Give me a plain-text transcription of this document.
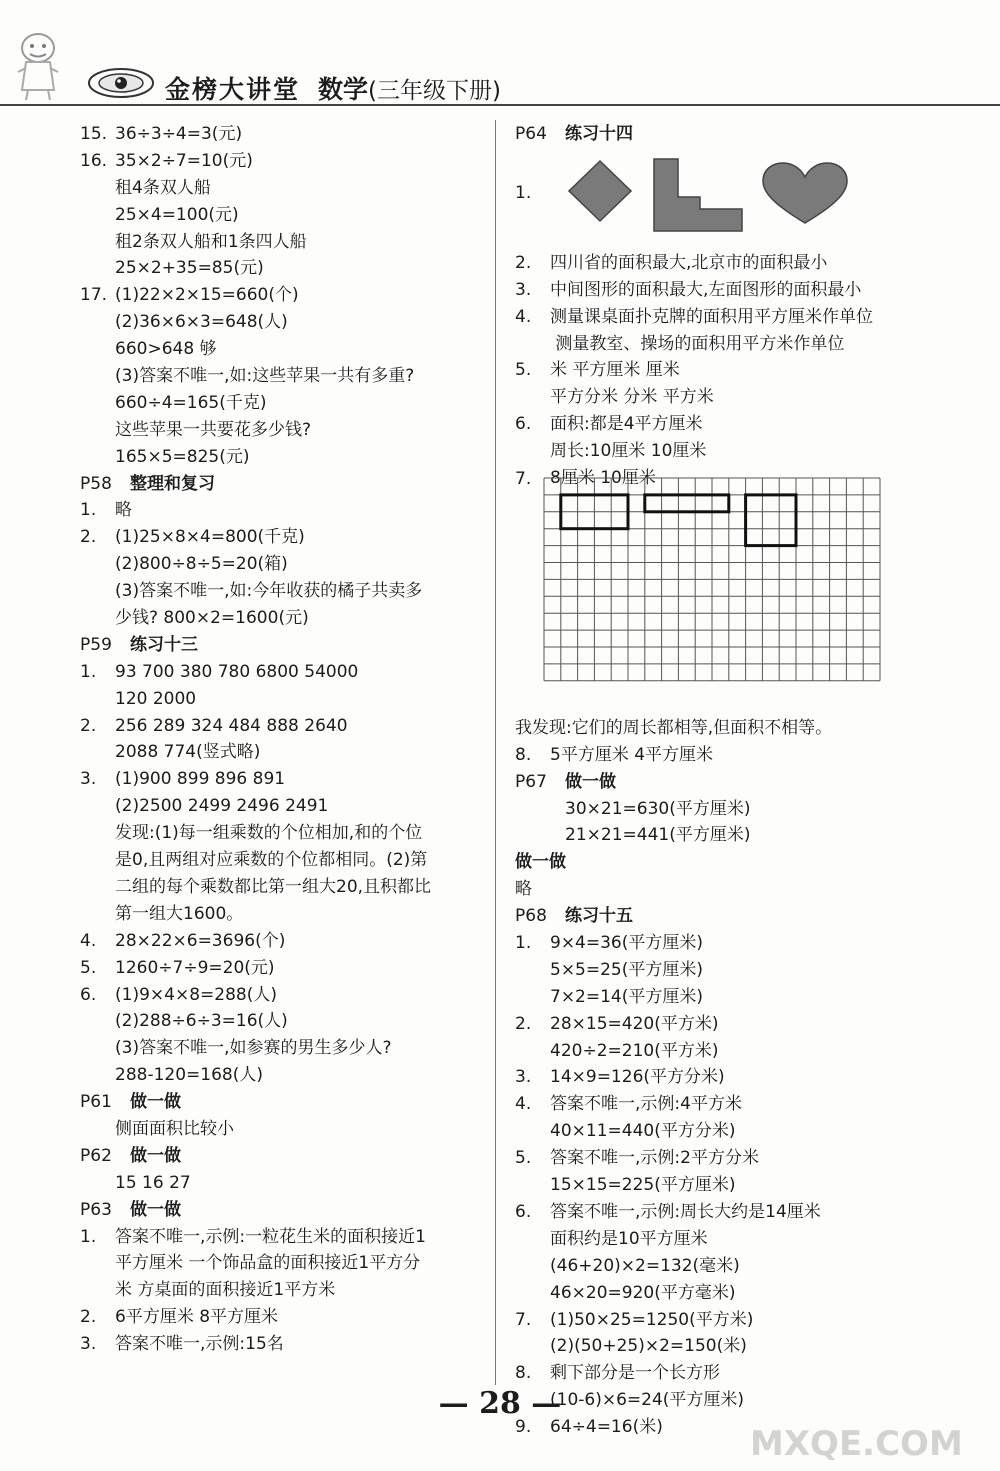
金榜大讲堂 数学(三年级下册)
15. 36÷3÷4=3(元)
16. 35×2÷7=10(元)
租4条双人船
25×4=100(元)
租2条双人船和1条四人船
25×2+35=85(元)
17. (1)22×2×15=660(个)
(2)36×6×3=648(人)
660>648 够
(3)答案不唯一,如:这些苹果一共有多重?
660÷4=165(千克)
这些苹果一共要花多少钱?
165×5=825(元)
P58 整理和复习
1. 略
2. (1)25×8×4=800(千克)
(2)800÷8÷5=20(箱)
(3)答案不唯一,如:今年收获的橘子共卖多
少钱? 800×2=1600(元)
P59 练习十三
1. 93 700 380 780 6800 54000
120 2000
2. 256 289 324 484 888 2640
2088 774(竖式略)
3. (1)900 899 896 891
(2)2500 2499 2496 2491
发现:(1)每一组乘数的个位相加,和的个位
是0,且两组对应乘数的个位都相同。(2)第
二组的每个乘数都比第一组大20,且积都比
第一组大1600。
4. 28×22×6=3696(个)
5. 1260÷7÷9=20(元)
6. (1)9×4×8=288(人)
(2)288÷6÷3=16(人)
(3)答案不唯一,如参赛的男生多少人?
288-120=168(人)
P61 做一做
侧面面积比较小
P62 做一做
15 16 27
P63 做一做
1. 答案不唯一,示例:一粒花生米的面积接近1
平方厘米 一个饰品盒的面积接近1平方分
米 方桌面的面积接近1平方米
2. 6平方厘米 8平方厘米
3. 答案不唯一,示例:15名
P64 练习十四
2. 四川省的面积最大,北京市的面积最小
3. 中间图形的面积最大,左面图形的面积最小
4. 测量课桌面扑克牌的面积用平方厘米作单位
测量教室、操场的面积用平方米作单位
5. 米 平方厘米 厘米
平方分米 分米 平方米
6. 面积:都是4平方厘米
周长:10厘米 10厘米
8厘米 10厘米
我发现:它们的周长都相等,但面积不相等。
8. 5平方厘米 4平方厘米
P67 做一做
30×21=630(平方厘米)
21×21=441(平方厘米)
做一做
略
P68 练习十五
1. 9×4=36(平方厘米)
5×5=25(平方厘米)
7×2=14(平方厘米)
2. 28×15=420(平方米)
420÷2=210(平方米)
3. 14×9=126(平方分米)
4. 答案不唯一,示例:4平方米
40×11=440(平方分米)
5. 答案不唯一,示例:2平方分米
15×15=225(平方厘米)
6. 答案不唯一,示例:周长大约是14厘米
面积约是10平方厘米
(46+20)×2=132(毫米)
46×20=920(平方毫米)
7. (1)50×25=1250(平方米)
(2)(50+25)×2=150(米)
8. 剩下部分是一个长方形
(10-6)×6=24(平方厘米)
9. 64÷4=16(米)
1.
7.
— 28 —
MXQE.COM
